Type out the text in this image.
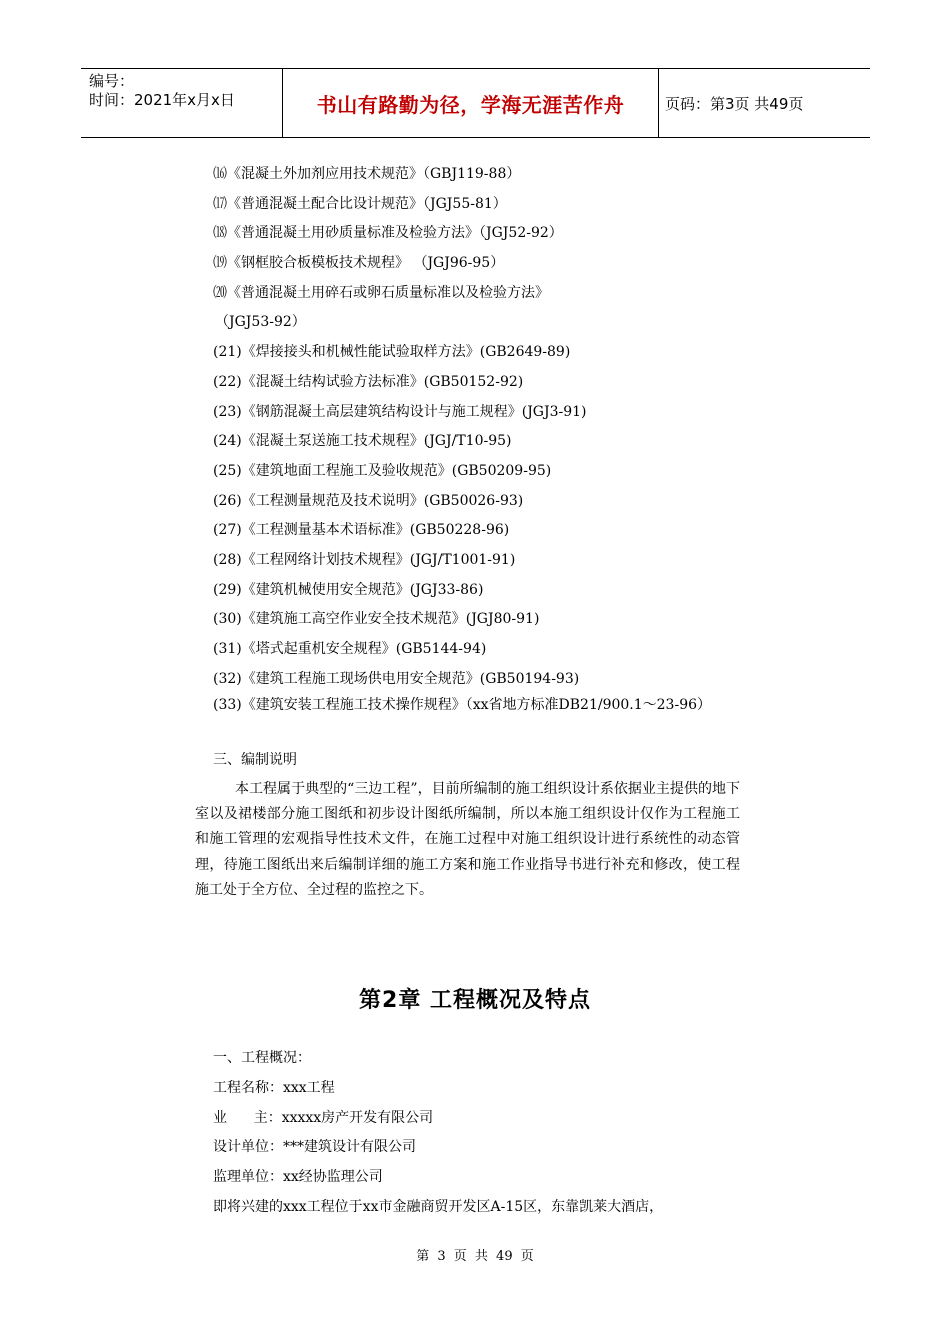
编号：
时间：2021年x月x日	书山有路勤为径，学海无涯苦作舟	页码：第3页 共49页
⒃《混凝土外加剂应用技术规范》（GBJ119-88）
⒄《普通混凝土配合比设计规范》（JGJ55-81）
⒅《普通混凝土用砂质量标准及检验方法》（JGJ52-92）
⒆《钢框胶合板模板技术规程》 （JGJ96-95）
⒇《普通混凝土用碎石或卵石质量标准以及检验方法》
（JGJ53-92）
(21)《焊接接头和机械性能试验取样方法》(GB2649-89)
(22)《混凝土结构试验方法标准》(GB50152-92)
(23)《钢筋混凝土高层建筑结构设计与施工规程》(JGJ3-91)
(24)《混凝土泵送施工技术规程》(JGJ/T10-95)
(25)《建筑地面工程施工及验收规范》(GB50209-95)
(26)《工程测量规范及技术说明》(GB50026-93)
(27)《工程测量基本术语标准》(GB50228-96)
(28)《工程网络计划技术规程》(JGJ/T1001-91)
(29)《建筑机械使用安全规范》(JGJ33-86)
(30)《建筑施工高空作业安全技术规范》(JGJ80-91)
(31)《塔式起重机安全规程》(GB5144-94)
(32)《建筑工程施工现场供电用安全规范》(GB50194-93)
(33)《建筑安装工程施工技术操作规程》（xx省地方标准DB21/900.1～23-96）
三、编制说明
本工程属于典型的“三边工程”，目前所编制的施工组织设计系依据业主提供的地下室以及裙楼部分施工图纸和初步设计图纸所编制，所以本施工组织设计仅作为工程施工和施工管理的宏观指导性技术文件，在施工过程中对施工组织设计进行系统性的动态管理，待施工图纸出来后编制详细的施工方案和施工作业指导书进行补充和修改，使工程施工处于全方位、全过程的监控之下。
第2章 工程概况及特点
一、工程概况：
工程名称：xxx工程
业      主：xxxxx房产开发有限公司
设计单位：***建筑设计有限公司
监理单位：xx经协监理公司
即将兴建的xxx工程位于xx市金融商贸开发区A-15区，东靠凯莱大酒店，
第 3 页 共 49 页
